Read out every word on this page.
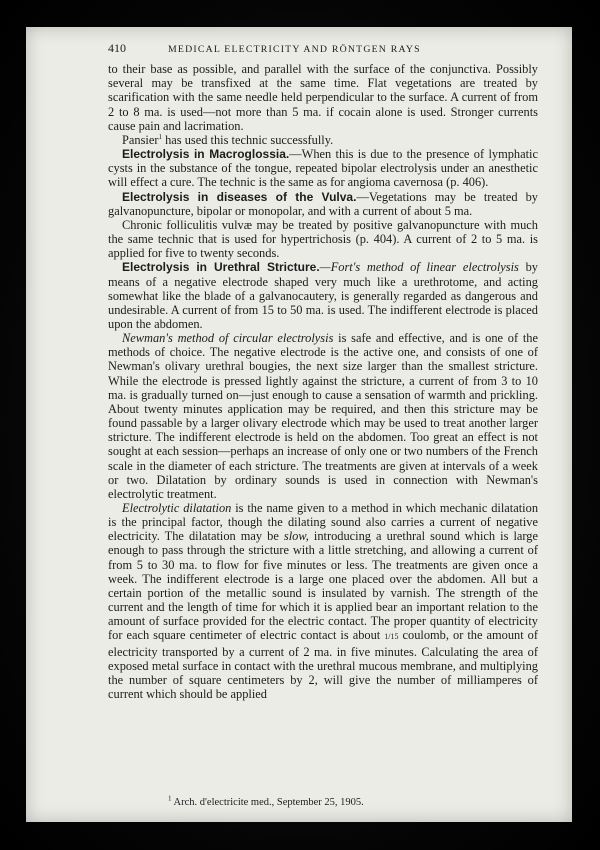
410	MEDICAL ELECTRICITY AND RÖNTGEN RAYS

to their base as possible, and parallel with the surface of the conjunctiva. Possibly several may be transfixed at the same time. Flat vegetations are treated by scarification with the same needle held perpendicular to the surface. A current of from 2 to 8 ma. is used—not more than 5 ma. if cocain alone is used. Stronger currents cause pain and lacrimation.

Pansier$^1$ has used this technic successfully.

Electrolysis in Macroglossia.—When this is due to the presence of lymphatic cysts in the substance of the tongue, repeated bipolar electrolysis under an anesthetic will effect a cure. The technic is the same as for angioma cavernosa (p. 406).

Electrolysis in diseases of the Vulva.—Vegetations may be treated by galvanopuncture, bipolar or monopolar, and with a current of about 5 ma.

Chronic folliculitis vulvæ may be treated by positive galvanopuncture with much the same technic that is used for hypertrichosis (p. 404). A current of 2 to 5 ma. is applied for five to twenty seconds.

Electrolysis in Urethral Stricture.—Fort's method of linear electrolysis by means of a negative electrode shaped very much like a urethrotome, and acting somewhat like the blade of a galvanocautery, is generally regarded as dangerous and undesirable. A current of from 15 to 50 ma. is used. The indifferent electrode is placed upon the abdomen.

Newman's method of circular electrolysis is safe and effective, and is one of the methods of choice. The negative electrode is the active one, and consists of one of Newman's olivary urethral bougies, the next size larger than the smallest stricture. While the electrode is pressed lightly against the stricture, a current of from 3 to 10 ma. is gradually turned on—just enough to cause a sensation of warmth and prickling. About twenty minutes application may be required, and then this stricture may be found passable by a larger olivary electrode which may be used to treat another larger stricture. The indifferent electrode is held on the abdomen. Too great an effect is not sought at each session—perhaps an increase of only one or two numbers of the French scale in the diameter of each stricture. The treatments are given at intervals of a week or two. Dilatation by ordinary sounds is used in connection with Newman's electrolytic treatment.

Electrolytic dilatation is the name given to a method in which mechanic dilatation is the principal factor, though the dilating sound also carries a current of negative electricity. The dilatation may be slow, introducing a urethral sound which is large enough to pass through the stricture with a little stretching, and allowing a current of from 5 to 30 ma. to flow for five minutes or less. The treatments are given once a week. The indifferent electrode is a large one placed over the abdomen. All but a certain portion of the metallic sound is insulated by varnish. The strength of the current and the length of time for which it is applied bear an important relation to the amount of surface provided for the electric contact. The proper quantity of electricity for each square centimeter of electric contact is about 1/15 coulomb, or the amount of electricity transported by a current of 2 ma. in five minutes. Calculating the area of exposed metal surface in contact with the urethral mucous membrane, and multiplying the number of square centimeters by 2, will give the number of milliamperes of current which should be applied

$^1$ Arch. d'electricite med., September 25, 1905.
